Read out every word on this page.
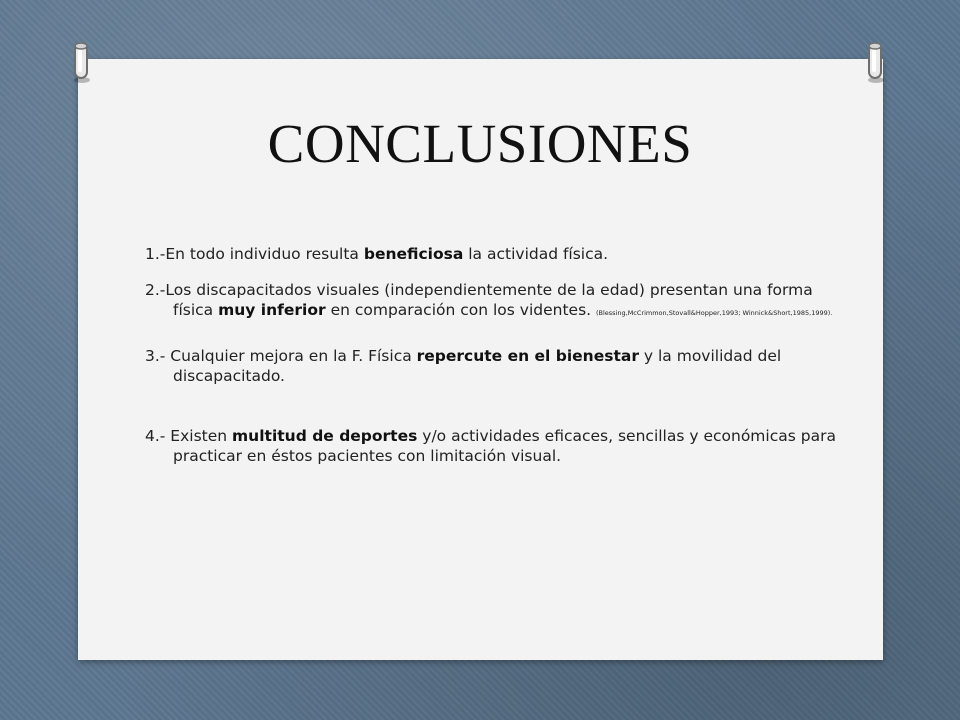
CONCLUSIONES

1.-En todo individuo resulta beneficiosa la actividad física.

2.-Los discapacitados visuales (independientemente de la edad) presentan una forma física muy inferior en comparación con los videntes. (Blessing,McCrimmon,Stovall&Hopper,1993; Winnick&Short,1985,1999).

3.- Cualquier mejora en la F. Física repercute en el bienestar y la movilidad del discapacitado.

4.- Existen multitud de deportes y/o actividades eficaces, sencillas y económicas para practicar en éstos pacientes con limitación visual.
